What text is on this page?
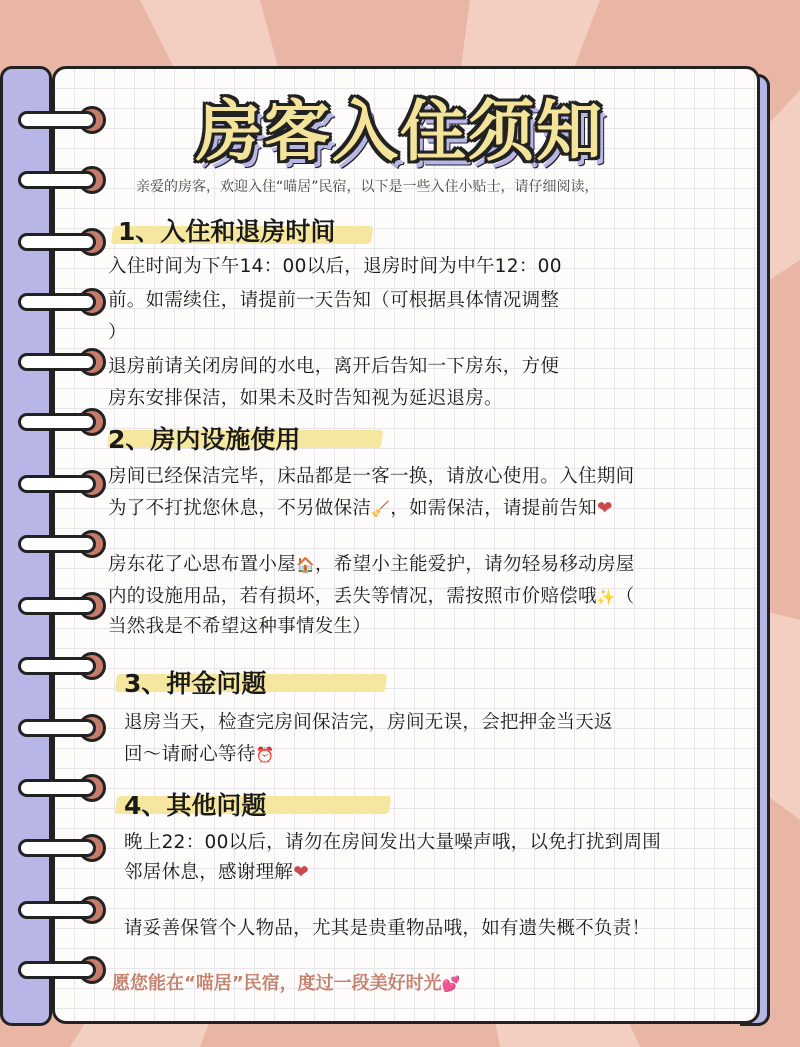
房客入住须知
亲爱的房客，欢迎入住“喵居”民宿，以下是一些入住小贴士，请仔细阅读，
1、入住和退房时间
入住时间为下午14：00以后，退房时间为中午12：00
前。如需续住，请提前一天告知（可根据具体情况调整
）
退房前请关闭房间的水电，离开后告知一下房东，方便
房东安排保洁，如果未及时告知视为延迟退房。
2、房内设施使用
房间已经保洁完毕，床品都是一客一换，请放心使用。入住期间
为了不打扰您休息，不另做保洁🧹，如需保洁，请提前告知❤
房东花了心思布置小屋🏠，希望小主能爱护，请勿轻易移动房屋
内的设施用品，若有损坏，丢失等情况，需按照市价赔偿哦✨（
当然我是不希望这种事情发生）
3、押金问题
退房当天，检查完房间保洁完，房间无误，会把押金当天返
回～请耐心等待⏰
4、其他问题
晚上22：00以后，请勿在房间发出大量噪声哦，以免打扰到周围
邻居休息，感谢理解❤
请妥善保管个人物品，尤其是贵重物品哦，如有遗失概不负责！
愿您能在“喵居”民宿，度过一段美好时光💕
